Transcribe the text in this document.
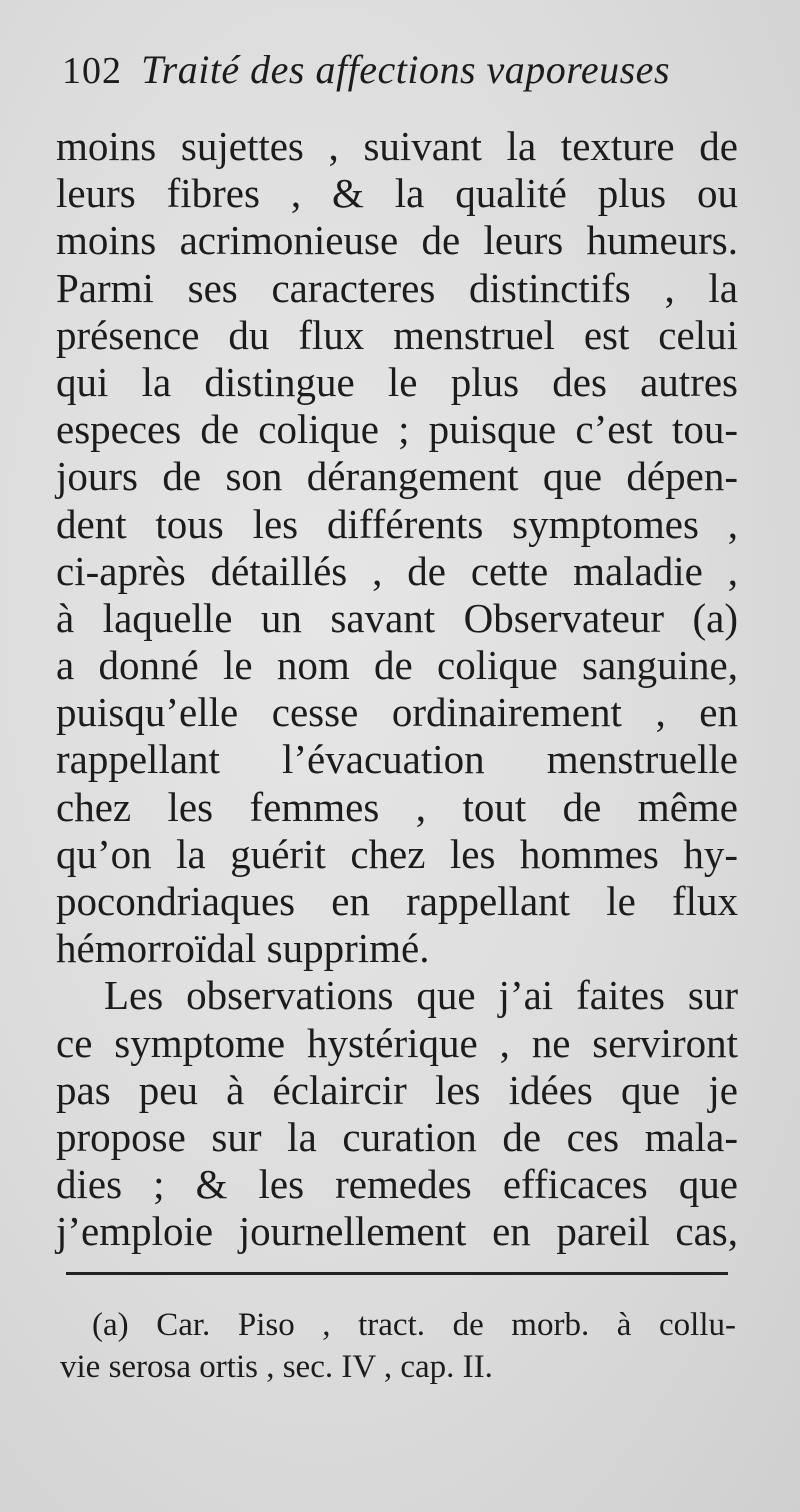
102 Traité des affections vaporeuses
moins sujettes , suivant la texture de
leurs fibres , & la qualité plus ou
moins acrimonieuse de leurs humeurs.
Parmi ses caracteres distinctifs , la
présence du flux menstruel est celui
qui la distingue le plus des autres
especes de colique ; puisque c’est tou-
jours de son dérangement que dépen-
dent tous les différents symptomes ,
ci-après détaillés , de cette maladie ,
à laquelle un savant Observateur (a)
a donné le nom de colique sanguine,
puisqu’elle cesse ordinairement , en
rappellant l’évacuation menstruelle
chez les femmes , tout de même
qu’on la guérit chez les hommes hy-
pocondriaques en rappellant le flux
hémorroïdal supprimé.
Les observations que j’ai faites sur
ce symptome hystérique , ne serviront
pas peu à éclaircir les idées que je
propose sur la curation de ces mala-
dies ; & les remedes efficaces que
j’emploie journellement en pareil cas,
(a) Car. Piso , tract. de morb. à collu-
vie serosa ortis , sec. IV , cap. II.
